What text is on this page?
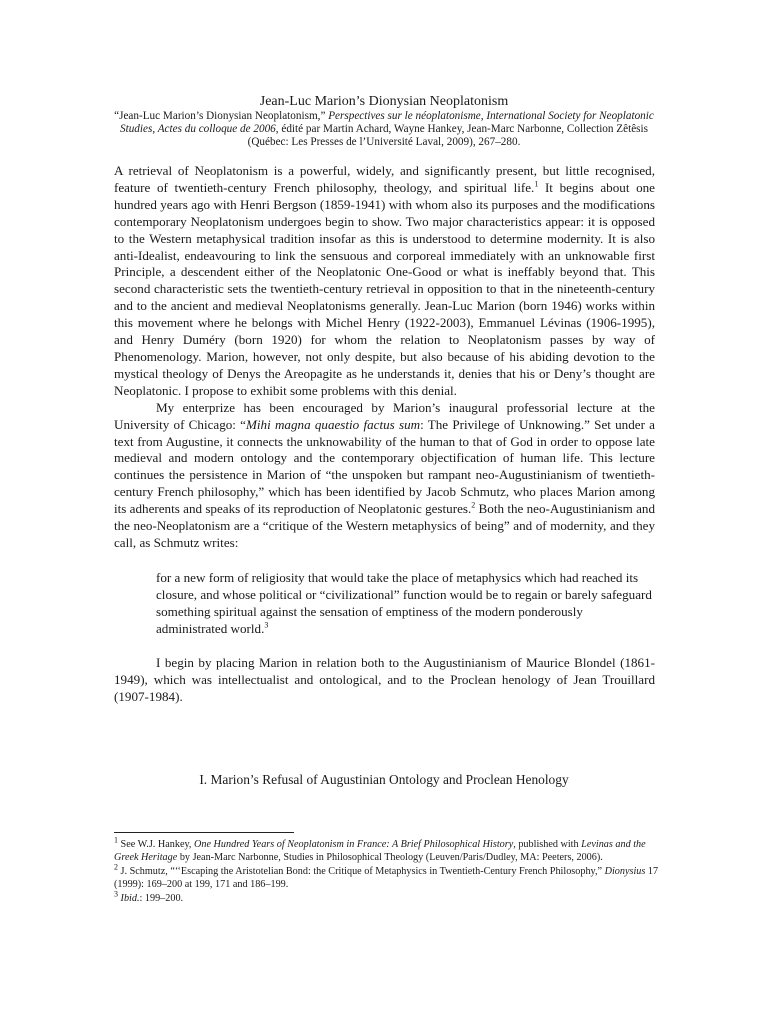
Jean-Luc Marion’s Dionysian Neoplatonism
“Jean-Luc Marion’s Dionysian Neoplatonism,” Perspectives sur le néoplatonisme, International Society for Neoplatonic Studies, Actes du colloque de 2006, édité par Martin Achard, Wayne Hankey, Jean-Marc Narbonne, Collection Zêtêsis (Québec: Les Presses de l’Université Laval, 2009), 267–280.

A retrieval of Neoplatonism is a powerful, widely, and significantly present, but little recognised, feature of twentieth-century French philosophy, theology, and spiritual life.$^1$ It begins about one hundred years ago with Henri Bergson (1859-1941) with whom also its purposes and the modifications contemporary Neoplatonism undergoes begin to show. Two major characteristics appear: it is opposed to the Western metaphysical tradition insofar as this is understood to determine modernity. It is also anti-Idealist, endeavouring to link the sensuous and corporeal immediately with an unknowable first Principle, a descendent either of the Neoplatonic One-Good or what is ineffably beyond that. This second characteristic sets the twentieth-century retrieval in opposition to that in the nineteenth-century and to the ancient and medieval Neoplatonisms generally. Jean-Luc Marion (born 1946) works within this movement where he belongs with Michel Henry (1922-2003), Emmanuel Lévinas (1906-1995), and Henry Duméry (born 1920) for whom the relation to Neoplatonism passes by way of Phenomenology. Marion, however, not only despite, but also because of his abiding devotion to the mystical theology of Denys the Areopagite as he understands it, denies that his or Deny’s thought are Neoplatonic. I propose to exhibit some problems with this denial.

My enterprize has been encouraged by Marion’s inaugural professorial lecture at the University of Chicago: “Mihi magna quaestio factus sum: The Privilege of Unknowing.” Set under a text from Augustine, it connects the unknowability of the human to that of God in order to oppose late medieval and modern ontology and the contemporary objectification of human life. This lecture continues the persistence in Marion of “the unspoken but rampant neo-Augustinianism of twentieth-century French philosophy,” which has been identified by Jacob Schmutz, who places Marion among its adherents and speaks of its reproduction of Neoplatonic gestures.$^2$ Both the neo-Augustinianism and the neo-Neoplatonism are a “critique of the Western metaphysics of being” and of modernity, and they call, as Schmutz writes:

for a new form of religiosity that would take the place of metaphysics which had reached its closure, and whose political or “civilizational” function would be to regain or barely safeguard something spiritual against the sensation of emptiness of the modern ponderously administrated world.$^3$

I begin by placing Marion in relation both to the Augustinianism of Maurice Blondel (1861-1949), which was intellectualist and ontological, and to the Proclean henology of Jean Trouillard (1907-1984).

I. Marion’s Refusal of Augustinian Ontology and Proclean Henology

$^1$ See W.J. Hankey, One Hundred Years of Neoplatonism in France: A Brief Philosophical History, published with Levinas and the Greek Heritage by Jean-Marc Narbonne, Studies in Philosophical Theology (Leuven/Paris/Dudley, MA: Peeters, 2006).

$^2$ J. Schmutz, “‘‘Escaping the Aristotelian Bond: the Critique of Metaphysics in Twentieth-Century French Philosophy,” Dionysius 17 (1999): 169–200 at 199, 171 and 186–199.

$^3$ Ibid.: 199–200.
